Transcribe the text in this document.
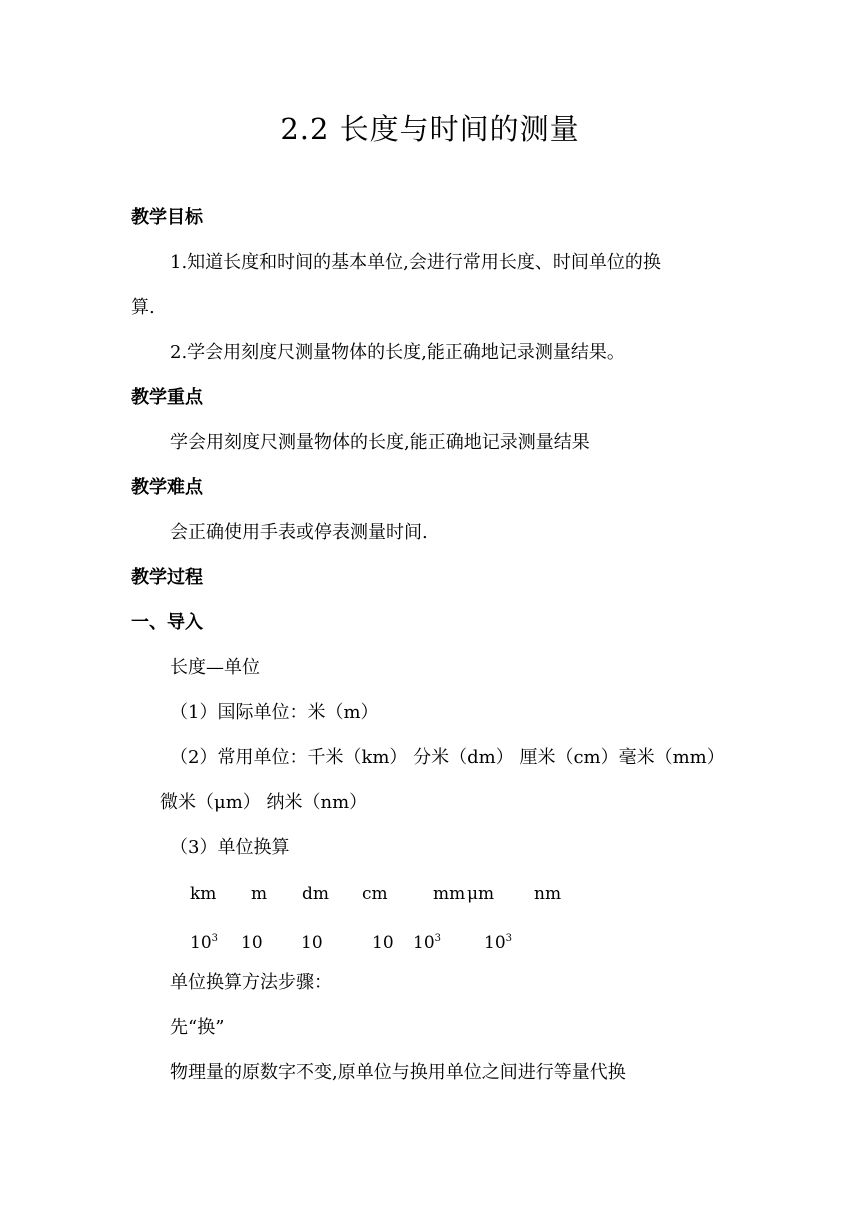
2.2 长度与时间的测量
教学目标
1.知道长度和时间的基本单位,会进行常用长度、时间单位的换
算.
2.学会用刻度尺测量物体的长度,能正确地记录测量结果。
教学重点
学会用刻度尺测量物体的长度,能正确地记录测量结果
教学难点
会正确使用手表或停表测量时间.
教学过程
一、导入
长度—单位
（1）国际单位：米（m）
（2）常用单位：千米（km） 分米（dm） 厘米（cm）毫米（mm）
微米（μm） 纳米（nm）
（3）单位换算
km m dm cm	mm μm nm
$10^3$ 10 10	10 $10^3$	$10^3$
单位换算方法步骤：
先“换”
物理量的原数字不变,原单位与换用单位之间进行等量代换
